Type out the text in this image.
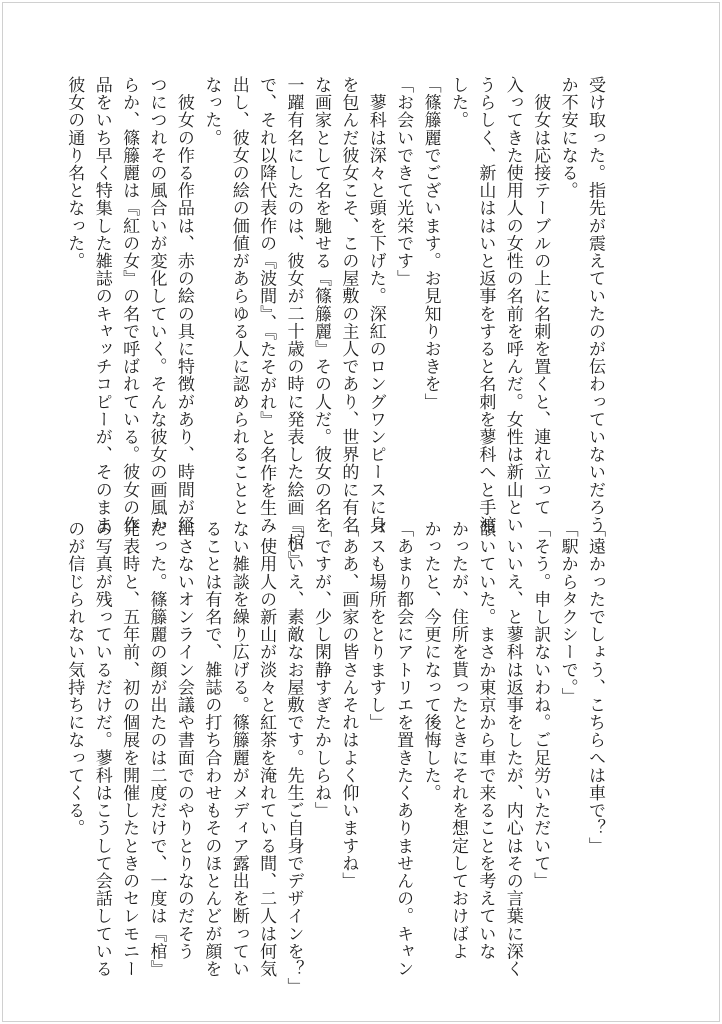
受け取った。指先が震えていたのが伝わっていないだろう
か不安になる。
　彼女は応接テーブルの上に名刺を置くと、連れ立って
入ってきた使用人の女性の名前を呼んだ。女性は新山とい
うらしく、新山ははいと返事をすると名刺を蓼科へと手渡
した。
「篠籐麗でございます。お見知りおきを」
「お会いできて光栄です」
　蓼科は深々と頭を下げた。深紅のロングワンピースに身
を包んだ彼女こそ、この屋敷の主人であり、世界的に有名
な画家として名を馳せる『篠籐麗』その人だ。彼女の名を
一躍有名にしたのは、彼女が二十歳の時に発表した絵画『棺』
で、それ以降代表作の『波間』、『たそがれ』と名作を生み
出し、彼女の絵の価値があらゆる人に認められることと
なった。
　彼女の作る作品は、赤の絵の具に特徴があり、時間が経
つにつれその風合いが変化していく。そんな彼女の画風か
らか、篠籐麗は『紅の女』の名で呼ばれている。彼女の作
品をいち早く特集した雑誌のキャッチコピーが、そのまま
彼女の通り名となった。
「遠かったでしょう、こちらへは車で？」
「駅からタクシーで。」
「そう。申し訳ないわね。ご足労いただいて」
　いいえ、と蓼科は返事をしたが、内心はその言葉に深く
頷いていた。まさか東京から車で来ることを考えていな
かったが、住所を貰ったときにそれを想定しておけばよ
かったと、今更になって後悔した。
「あまり都会にアトリエを置きたくありませんの。キャン
バスも場所をとりますし」
「ああ、画家の皆さんそれはよく仰いますね」
「ですが、少し閑静すぎたかしらね」
「いいえ、素敵なお屋敷です。先生ご自身でデザインを？」
　使用人の新山が淡々と紅茶を淹れている間、二人は何気
ない雑談を繰り広げる。篠籐麗がメディア露出を断ってい
ることは有名で、雑誌の打ち合わせもそのほとんどが顔を
出さないオンライン会議や書面でのやりとりなのだそう
だった。篠籐麗の顔が出たのは二度だけで、一度は『棺』
発表時と、五年前、初の個展を開催したときのセレモニー
の写真が残っているだけだ。蓼科はこうして会話している
のが信じられない気持ちになってくる。
